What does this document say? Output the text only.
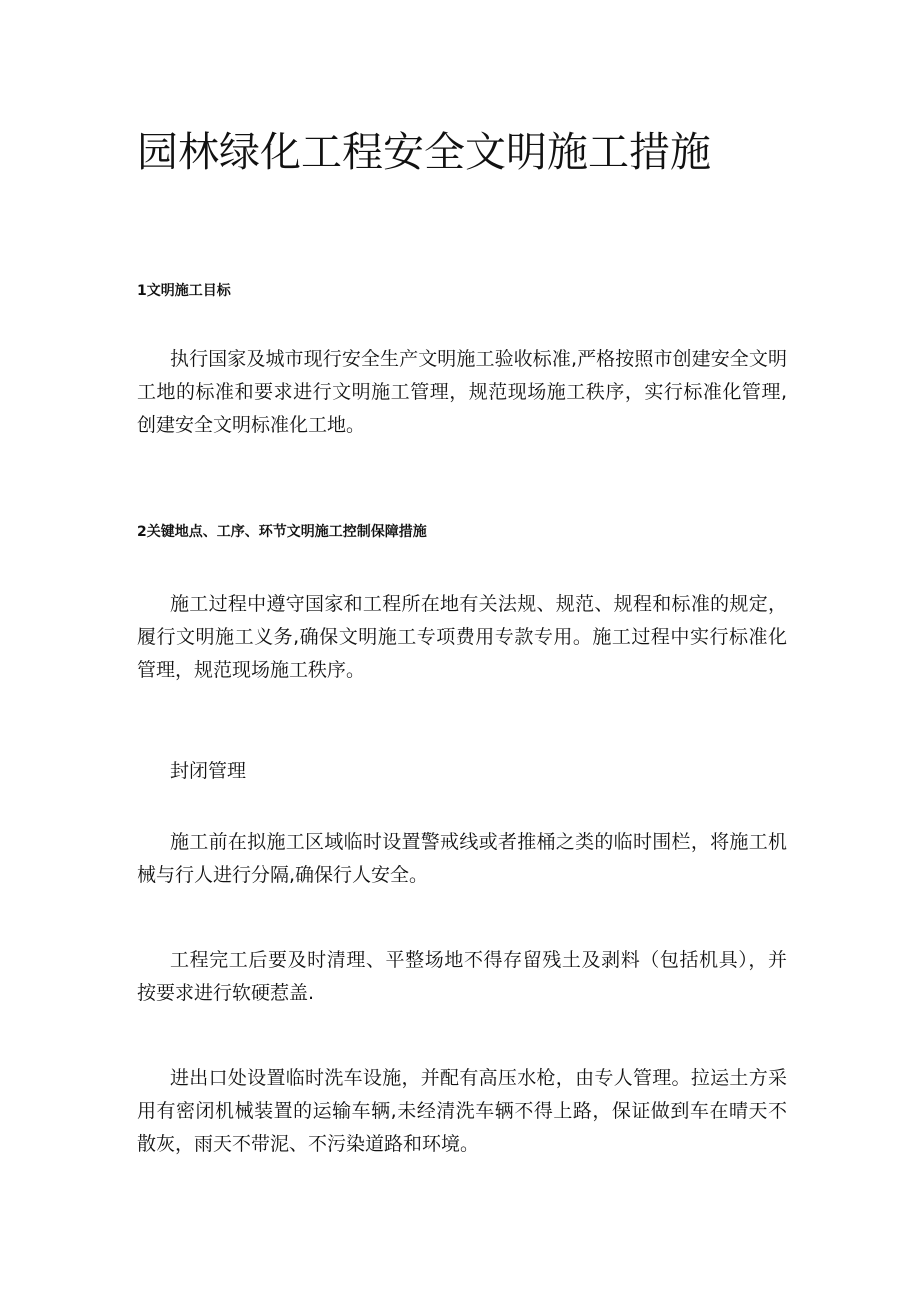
园林绿化工程安全文明施工措施
1文明施工目标

执行国家及城市现行安全生产文明施工验收标准,严格按照市创建安全文明工地的标准和要求进行文明施工管理，规范现场施工秩序，实行标准化管理,创建安全文明标准化工地。

2关键地点、工序、环节文明施工控制保障措施

施工过程中遵守国家和工程所在地有关法规、规范、规程和标准的规定，履行文明施工义务,确保文明施工专项费用专款专用。施工过程中实行标准化管理，规范现场施工秩序。

封闭管理

施工前在拟施工区域临时设置警戒线或者推桶之类的临时围栏，将施工机械与行人进行分隔,确保行人安全。

工程完工后要及时清理、平整场地不得存留残土及剥料（包括机具），并按要求进行软硬惹盖.

进出口处设置临时洗车设施，并配有高压水枪，由专人管理。拉运土方采用有密闭机械装置的运输车辆,未经清洗车辆不得上路，保证做到车在晴天不散灰，雨天不带泥、不污染道路和环境。
